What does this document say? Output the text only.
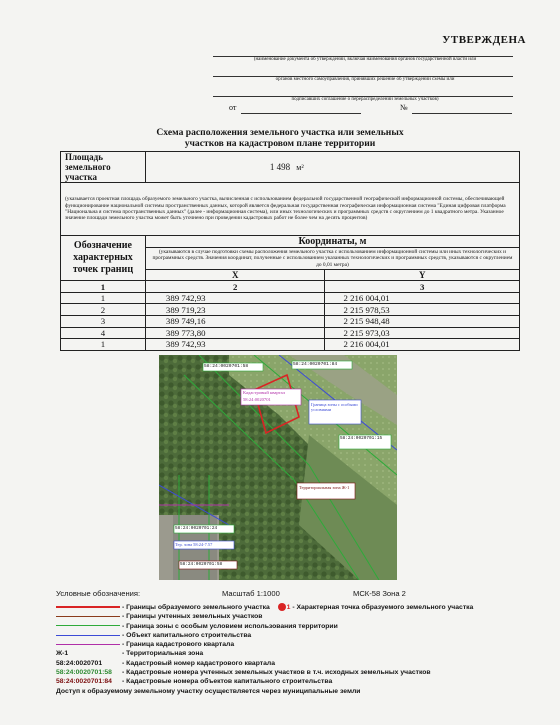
УТВЕРЖДЕНА
(наименование документа об утверждении, включая наименования органов государственной власти или
органов местного самоуправления, принявших решение об утверждении схемы или
подписавших соглашение о перераспределении земельных участков)
от	№
Схема расположения земельного участка или земельных
участков на кадастровом плане территории
Площадь земельного участка	1 498 м²	
(указывается проектная площадь образуемого земельного участка, вычисленная с использованием федеральной государственной географической информационной системы, обеспечивающей функционирование национальной системы пространственных данных, которой является федеральная государственная географическая информационная система "Единая цифровая платформа "Национальна я система пространственных данных" (далее - информационная система), или иных технологических и программных средств с округлением до 1 квадратного метра. Указанное значение площади земельного участка может быть уточнено при проведении кадастровых работ не более чем на десять процентов)		
Обозначение характерных точек границ	Координаты, м	
	(указываются в случае подготовки схемы расположения земельного участка с использованием информационной системы или иных технологических и программных средств. Значения координат, полученные с использованием указанных технологических и программных средств, указываются с округлением до 0,01 метра)	
	X	Y
1	2	3
1	389 742,93	2 216 004,01
2	389 719,23	2 215 978,53
3	389 749,16	2 215 948,48
4	389 773,80	2 215 973,03
1	389 742,93	2 216 004,01
58:24:0020701:58	58:24:0020701:84
Кадастровый квартал
58:24:0020701
Граница зоны с особыми условиями
58:24:0020701:15
Территориальная зона Ж-1
58:24:0020701:24
Тер. зона 58:24-7.57
58:24:0020701:58
Условные обозначения:	Масштаб 1:1000	МСК-58 Зона 2
- Границы образуемого земельного участка 1 - Характерная точка образуемого земельного участка
- Границы учтенных земельных участков
- Граница зоны с особым условием использования территории
- Объект капитального строительства
- Граница кадастрового квартала
Ж-1	- Территориальная зона
58:24:0020701	- Кадастровый номер кадастрового квартала
58:24:0020701:58 - Кадастровые номера учтенных земельных участков в т.ч. исходных земельных участков
58:24:0020701:84 - Кадастровые номера объектов капитального строительства
Доступ к образуемому земельному участку осуществляется через муниципальные земли
